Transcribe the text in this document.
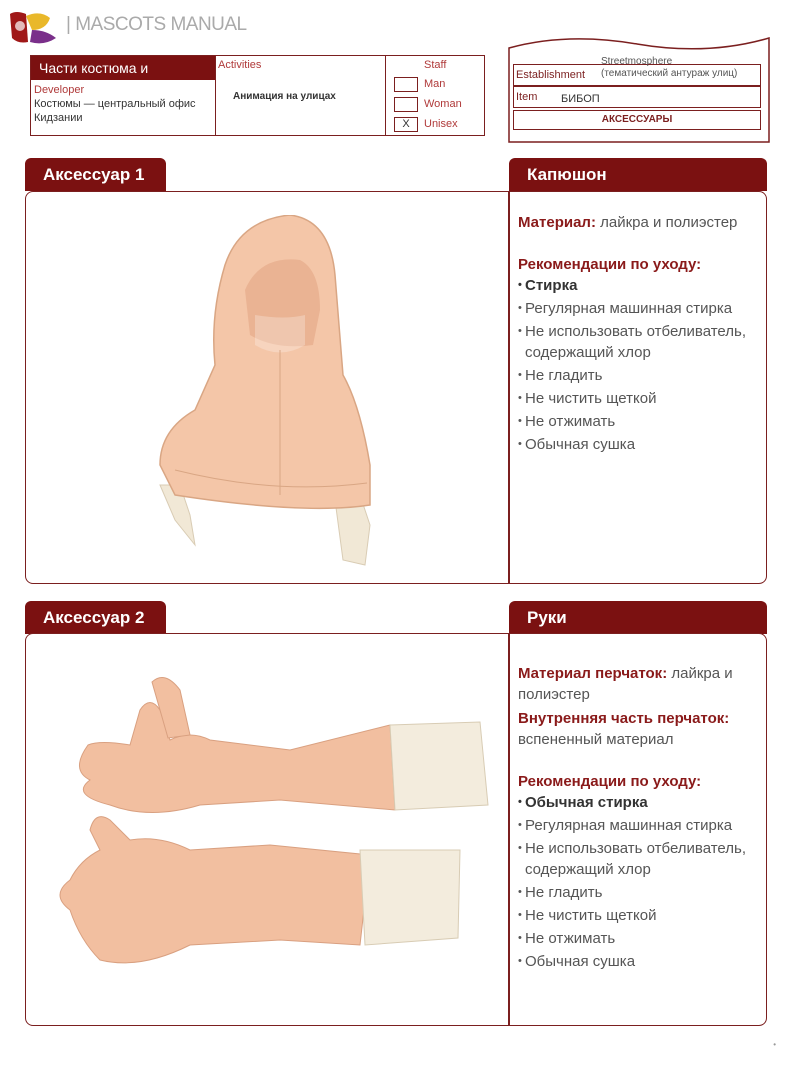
| MASCOTS MANUAL
Части костюма и
Developer
Костюмы — центральный офис Кидзании
Activities
Анимация на улицах
Staff
Man
Woman
X	Unisex
Establishment
Streetmosphere (тематический антураж улиц)
Item БИБОП
АКСЕССУАРЫ
Аксессуар 1	Капюшон
Материал: лайкра и полиэстер
Рекомендации по уходу:
• Стирка
• Регулярная машинная стирка
• Не использовать отбеливатель, содержащий хлор
• Не гладить
• Не чистить щеткой
• Не отжимать
• Обычная сушка
Аксессуар 2	Руки
Материал перчаток: лайкра и полиэстер
Внутренняя часть перчаток:
вспененный материал
Рекомендации по уходу:
• Обычная стирка
• Регулярная машинная стирка
• Не использовать отбеливатель, содержащий хлор
• Не гладить
• Не чистить щеткой
• Не отжимать
• Обычная сушка
•
